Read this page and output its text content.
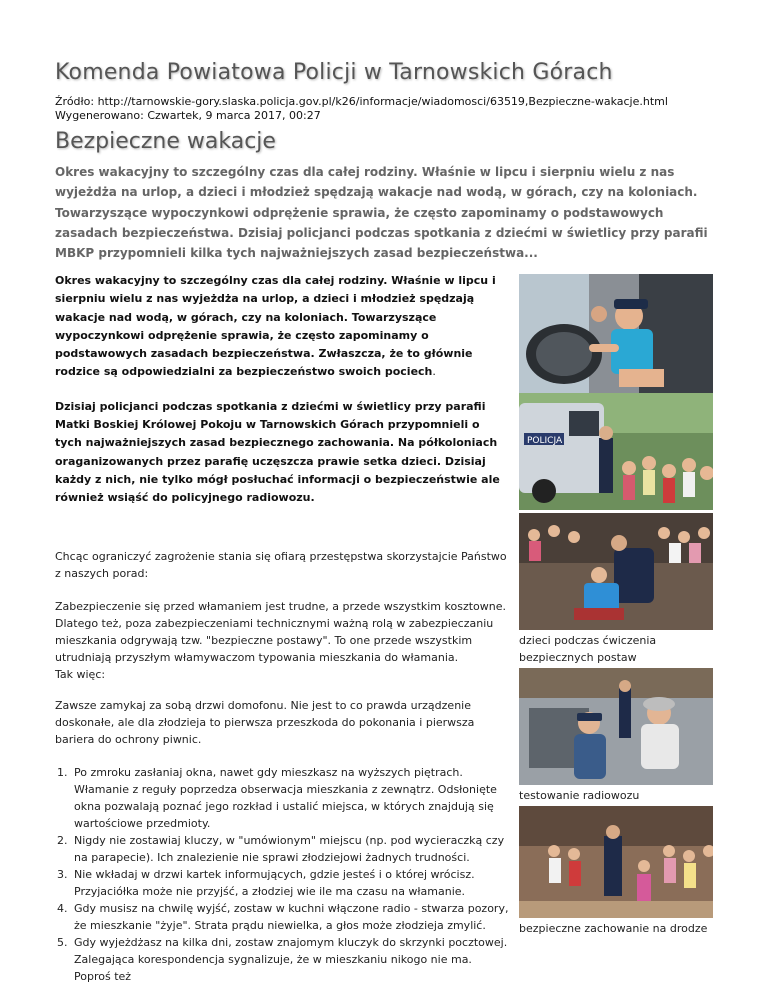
Komenda Powiatowa Policji w Tarnowskich Górach
Źródło: http://tarnowskie-gory.slaska.policja.gov.pl/k26/informacje/wiadomosci/63519,Bezpieczne-wakacje.html
Wygenerowano: Czwartek, 9 marca 2017, 00:27
Bezpieczne wakacje
Okres wakacyjny to szczególny czas dla całej rodziny. Właśnie w lipcu i sierpniu wielu z nas wyjeżdża na urlop, a dzieci i młodzież spędzają wakacje nad wodą, w górach, czy na koloniach. Towarzyszące wypoczynkowi odprężenie sprawia, że często zapominamy o podstawowych zasadach bezpieczeństwa. Dzisiaj policjanci podczas spotkania z dziećmi w świetlicy przy parafii MBKP przypomnieli kilka tych najważniejszych zasad bezpieczeństwa...

Okres wakacyjny to szczególny czas dla całej rodziny. Właśnie w lipcu i sierpniu wielu z nas wyjeżdża na urlop, a dzieci i młodzież spędzają wakacje nad wodą, w górach, czy na koloniach. Towarzyszące wypoczynkowi odprężenie sprawia, że często zapominamy o podstawowych zasadach bezpieczeństwa. Zwłaszcza, że to głównie rodzice są odpowiedzialni za bezpieczeństwo swoich pociech.

Dzisiaj policjanci podczas spotkania z dziećmi w świetlicy przy parafii Matki Boskiej Królowej Pokoju w Tarnowskich Górach przypomnieli o tych najważniejszych zasad bezpiecznego zachowania. Na półkoloniach oraganizowanych przez parafię uczęszcza prawie setka dzieci. Dzisiaj każdy z nich, nie tylko mógł posłuchać informacji o bezpieczeństwie ale również wsiąść do policyjnego radiowozu.

Chcąc ograniczyć zagrożenie stania się ofiarą przestępstwa skorzystajcie Państwo z naszych porad:

Zabezpieczenie się przed włamaniem jest trudne, a przede wszystkim kosztowne. Dlatego też, poza zabezpieczeniami technicznymi ważną rolą w zabezpieczaniu mieszkania odgrywają tzw. "bezpieczne postawy". To one przede wszystkim utrudniają przyszłym włamywaczom typowania mieszkania do włamania.
Tak więc:

Zawsze zamykaj za sobą drzwi domofonu. Nie jest to co prawda urządzenie doskonałe, ale dla złodzieja to pierwsza przeszkoda do pokonania i pierwsza bariera do ochrony piwnic.

1. Po zmroku zasłaniaj okna, nawet gdy mieszkasz na wyższych piętrach. Włamanie z reguły poprzedza obserwacja mieszkania z zewnątrz. Odsłonięte okna pozwalają poznać jego rozkład i ustalić miejsca, w których znajdują się wartościowe przedmioty.
2. Nigdy nie zostawiaj kluczy, w "umówionym" miejscu (np. pod wycieraczką czy na parapecie). Ich znalezienie nie sprawi złodziejowi żadnych trudności.
3. Nie wkładaj w drzwi kartek informujących, gdzie jesteś i o której wrócisz. Przyjaciółka może nie przyjść, a złodziej wie ile ma czasu na włamanie.
4. Gdy musisz na chwilę wyjść, zostaw w kuchni włączone radio - stwarza pozory, że mieszkanie "żyje". Strata prądu niewielka, a głos może złodzieja zmylić.
5. Gdy wyjeżdżasz na kilka dni, zostaw znajomym kluczyk do skrzynki pocztowej. Zalegająca korespondencja sygnalizuje, że w mieszkaniu nikogo nie ma. Poproś też
POLICJA
dzieci podczas ćwiczenia bezpiecznych postaw
testowanie radiowozu
bezpieczne zachowanie na drodze
